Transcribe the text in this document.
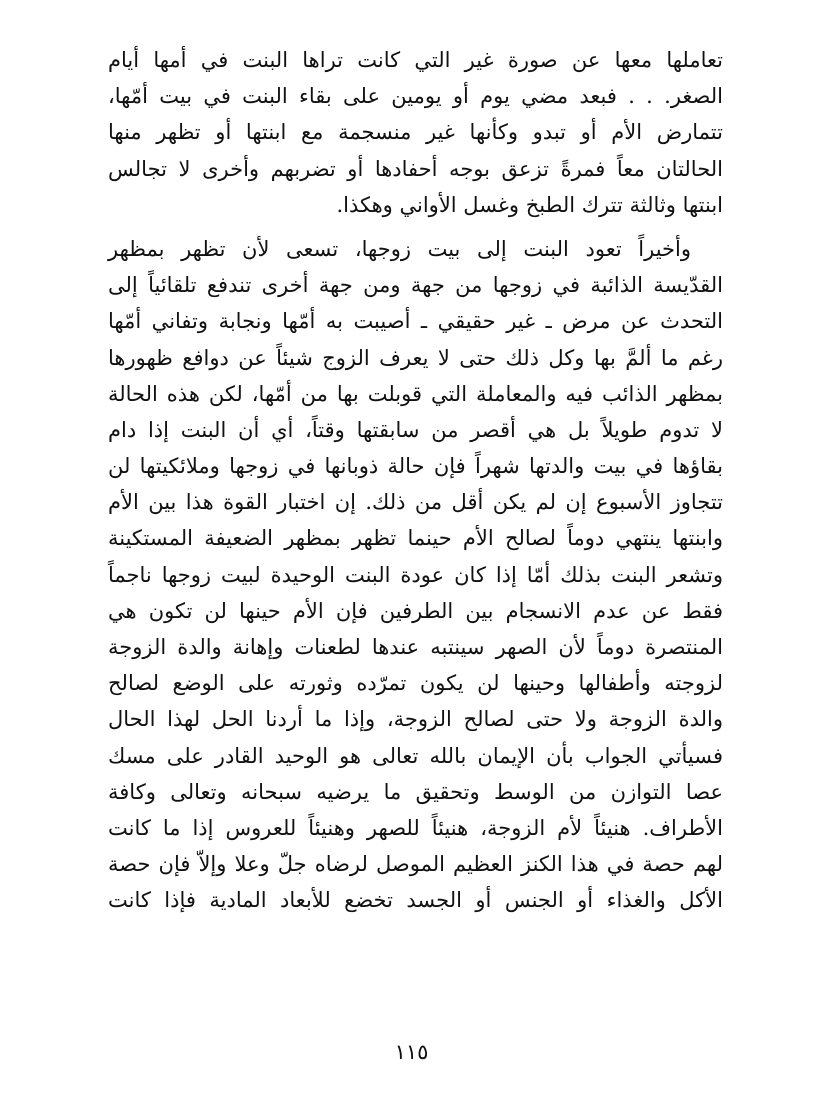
تعاملها معها عن صورة غير التي كانت تراها البنت في أمها أيام
الصغر. . . فبعد مضي يوم أو يومين على بقاء البنت في بيت أمّها،
تتمارض الأم أو تبدو وكأنها غير منسجمة مع ابنتها أو تظهر منها
الحالتان معاً فمرةً تزعق بوجه أحفادها أو تضربهم وأخرى لا تجالس
ابنتها وثالثة تترك الطبخ وغسل الأواني وهكذا.
وأخيراً تعود البنت إلى بيت زوجها، تسعى لأن تظهر بمظهر
القدّيسة الذائبة في زوجها من جهة ومن جهة أخرى تندفع تلقائياً إلى
التحدث عن مرض ـ غير حقيقي ـ أصيبت به أمّها ونجابة وتفاني أمّها
رغم ما ألمَّ بها وكل ذلك حتى لا يعرف الزوج شيئاً عن دوافع ظهورها
بمظهر الذائب فيه والمعاملة التي قوبلت بها من أمّها، لكن هذه الحالة
لا تدوم طويلاً بل هي أقصر من سابقتها وقتاً، أي أن البنت إذا دام
بقاؤها في بيت والدتها شهراً فإن حالة ذوبانها في زوجها وملائكيتها لن
تتجاوز الأسبوع إن لم يكن أقل من ذلك. إن اختبار القوة هذا بين الأم
وابنتها ينتهي دوماً لصالح الأم حينما تظهر بمظهر الضعيفة المستكينة
وتشعر البنت بذلك أمّا إذا كان عودة البنت الوحيدة لبيت زوجها ناجماً
فقط عن عدم الانسجام بين الطرفين فإن الأم حينها لن تكون هي
المنتصرة دوماً لأن الصهر سينتبه عندها لطعنات وإهانة والدة الزوجة
لزوجته وأطفالها وحينها لن يكون تمرّده وثورته على الوضع لصالح
والدة الزوجة ولا حتى لصالح الزوجة، وإذا ما أردنا الحل لهذا الحال
فسيأتي الجواب بأن الإيمان بالله تعالى هو الوحيد القادر على مسك
عصا التوازن من الوسط وتحقيق ما يرضيه سبحانه وتعالى وكافة
الأطراف. هنيئاً لأم الزوجة، هنيئاً للصهر وهنيئاً للعروس إذا ما كانت
لهم حصة في هذا الكنز العظيم الموصل لرضاه جلّ وعلا وإلاّ فإن حصة
الأكل والغذاء أو الجنس أو الجسد تخضع للأبعاد المادية فإذا كانت
١١٥
